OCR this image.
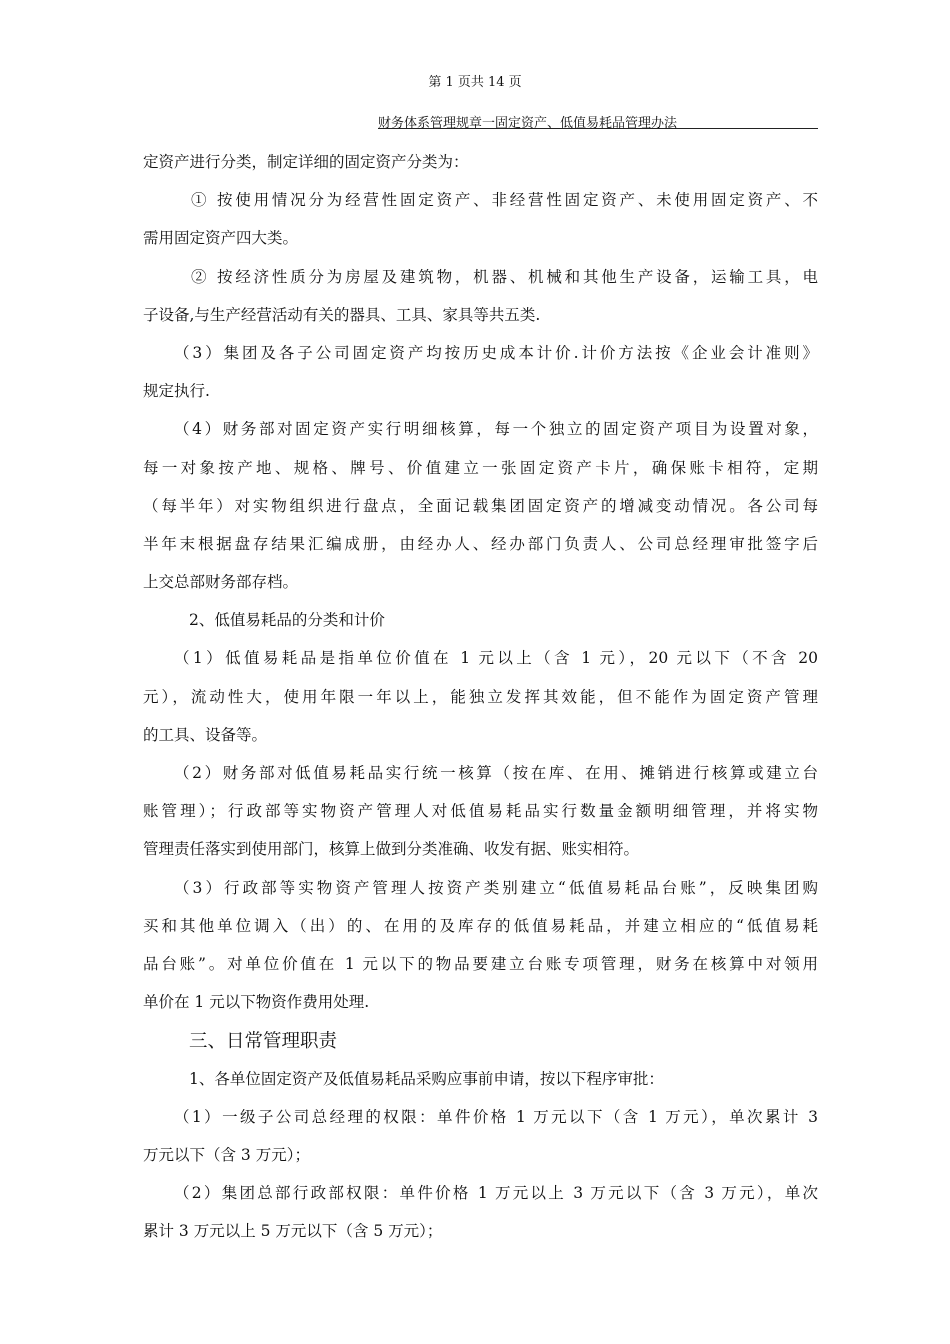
第 1 页共 14 页
财务体系管理规章一固定资产、低值易耗品管理办法
定资产进行分类，制定详细的固定资产分类为：
① 按使用情况分为经营性固定资产、非经营性固定资产、未使用固定资产、不
需用固定资产四大类。
② 按经济性质分为房屋及建筑物，机器、机械和其他生产设备，运输工具，电
子设备,与生产经营活动有关的器具、工具、家具等共五类.
（3）集团及各子公司固定资产均按历史成本计价.计价方法按《企业会计准则》
规定执行.
（4）财务部对固定资产实行明细核算，每一个独立的固定资产项目为设置对象，
每一对象按产地、规格、牌号、价值建立一张固定资产卡片，确保账卡相符，定期
（每半年）对实物组织进行盘点，全面记载集团固定资产的增减变动情况。各公司每
半年末根据盘存结果汇编成册，由经办人、经办部门负责人、公司总经理审批签字后
上交总部财务部存档。
2、低值易耗品的分类和计价
（1）低值易耗品是指单位价值在 1 元以上（含 1 元），20 元以下（不含 20
元），流动性大，使用年限一年以上，能独立发挥其效能，但不能作为固定资产管理
的工具、设备等。
（2）财务部对低值易耗品实行统一核算（按在库、在用、摊销进行核算或建立台
账管理）；行政部等实物资产管理人对低值易耗品实行数量金额明细管理，并将实物
管理责任落实到使用部门，核算上做到分类准确、收发有据、账实相符。
（3）行政部等实物资产管理人按资产类别建立“低值易耗品台账”，反映集团购
买和其他单位调入（出）的、在用的及库存的低值易耗品，并建立相应的“低值易耗
品台账”。对单位价值在 1 元以下的物品要建立台账专项管理，财务在核算中对领用
单价在 1 元以下物资作费用处理.
三、日常管理职责
1、各单位固定资产及低值易耗品采购应事前申请，按以下程序审批：
（1）一级子公司总经理的权限：单件价格 1 万元以下（含 1 万元），单次累计 3
万元以下（含 3 万元）；
（2）集团总部行政部权限：单件价格 1 万元以上 3 万元以下（含 3 万元），单次
累计 3 万元以上 5 万元以下（含 5 万元）；
